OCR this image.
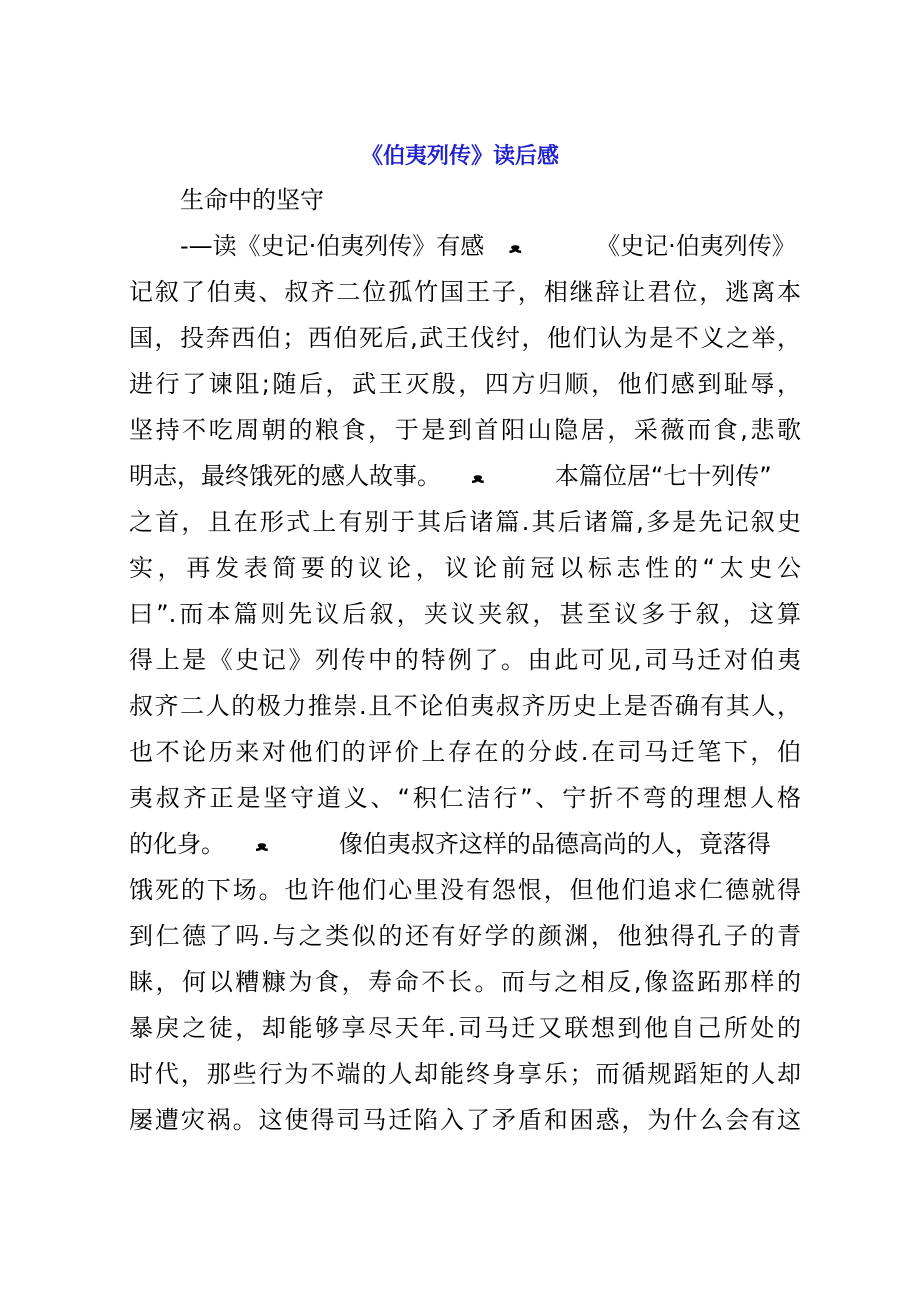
《伯夷列传》读后感

生命中的坚守

-—读《史记·伯夷列传》有感 ﻌ	《史记·伯夷列传》

记叙了伯夷、叔齐二位孤竹国王子，相继辞让君位，逃离本

国，投奔西伯；西伯死后,武王伐纣，他们认为是不义之举，

进行了谏阻;随后，武王灭殷，四方归顺，他们感到耻辱，

坚持不吃周朝的粮食，于是到首阳山隐居，采薇而食,悲歌

明志，最终饿死的感人故事。 ﻌ	本篇位居“七十列传”

之首，且在形式上有别于其后诸篇.其后诸篇,多是先记叙史

实，再发表简要的议论，议论前冠以标志性的“太史公

曰”.而本篇则先议后叙，夹议夹叙，甚至议多于叙，这算

得上是《史记》列传中的特例了。由此可见,司马迁对伯夷

叔齐二人的极力推崇.且不论伯夷叔齐历史上是否确有其人，

也不论历来对他们的评价上存在的分歧.在司马迁笔下，伯

夷叔齐正是坚守道义、“积仁洁行”、宁折不弯的理想人格

的化身。 ﻌ	像伯夷叔齐这样的品德高尚的人，竟落得

饿死的下场。也许他们心里没有怨恨，但他们追求仁德就得

到仁德了吗.与之类似的还有好学的颜渊，他独得孔子的青

睐，何以糟糠为食，寿命不长。而与之相反,像盗跖那样的

暴戾之徒，却能够享尽天年.司马迁又联想到他自己所处的

时代，那些行为不端的人却能终身享乐；而循规蹈矩的人却

屡遭灾祸。这使得司马迁陷入了矛盾和困惑，为什么会有这
